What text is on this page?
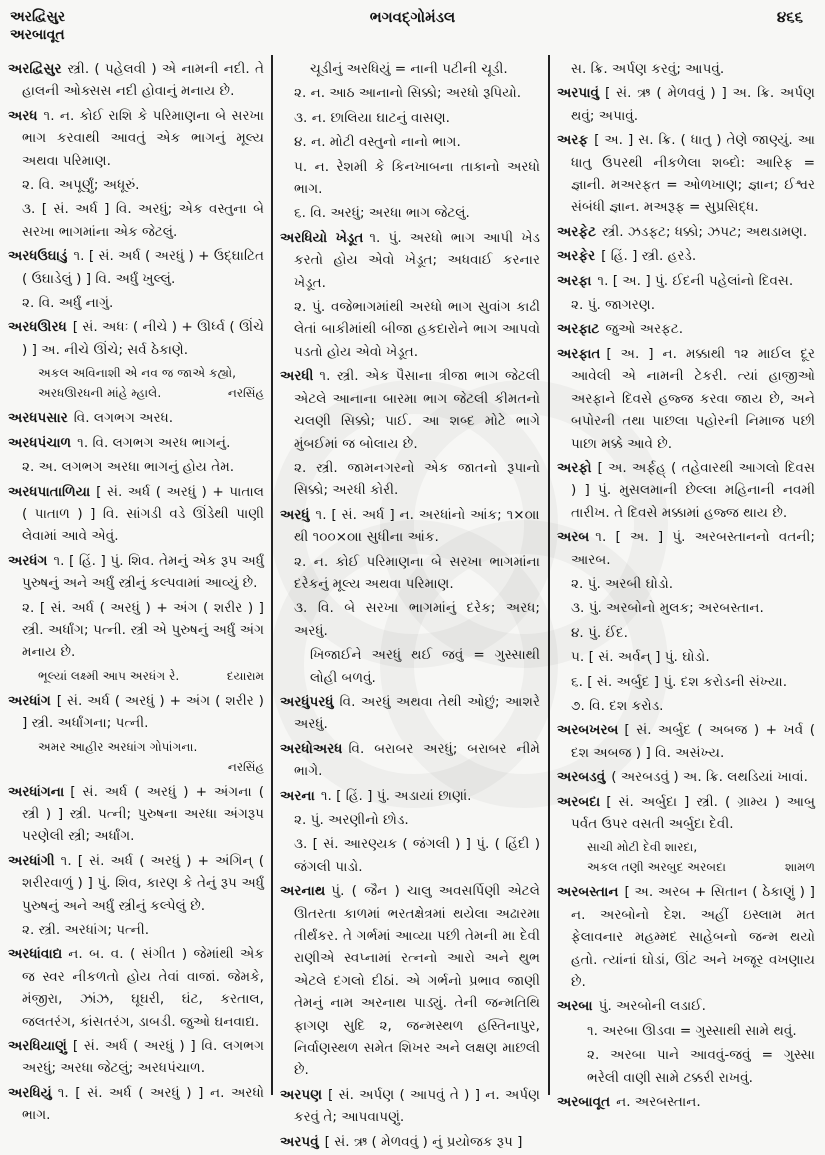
અરદ્વિસુર
અરબાવૂત
ભગવદ્ગોમંડલ	૪૬૬

અરદ્વિસુર સ્ત્રી. ( પહેલવી ) એ નામની નદી. તે હાલની ઓક્સસ નદી હોવાનું મનાય છે.

અરધ ૧. ન. કોઈ રાશિ કે પરિમાણના બે સરખા ભાગ કરવાથી આવતું એક ભાગનું મૂલ્ય અથવા પરિમાણ.

૨. વિ. અપૂર્ણું; અધૂરું.

૩. [ સં. અર્ધ ] વિ. અરધું; એક વસ્તુના બે સરખા ભાગમાંના એક જેટલું.

અરધઉઘાડું ૧. [ સં. અર્ધ ( અરધું ) + ઉદ્ઘાટિત ( ઉઘાડેલું ) ] વિ. અર્ધું ખુલ્લું.

૨. વિ. અર્ધું નાગું.

અરધઊરધ [ સં. અધઃ ( નીચે ) + ઊર્ધ્વ ( ઊંચે ) ] અ. નીચે ઊંચે; સર્વ ઠેકાણે.

અકલ અવિનાશી એ નવ જ જાએ કહ્યો,
નરસિંહ
અરધઊરધની માંહે મ્હાલે.

અરધપસાર વિ. લગભગ અરધ.

અરધપંચાળ ૧. વિ. લગભગ અરધ ભાગનું.

૨. અ. લગભગ અરધા ભાગનું હોય તેમ.

અરધપાતાળિયા [ સં. અર્ધ ( અરધું ) + પાતાલ ( પાતાળ ) ] વિ. સાંગડી વડે ઊંડેથી પાણી લેવામાં આવે એવું.

અરધંગ ૧. [ હિં. ] પું. શિવ. તેમનું એક રૂપ અર્ધું પુરુષનું અને અર્ધું સ્ત્રીનું કલ્પવામાં આવ્યું છે.

૨. [ સં. અર્ધ ( અરધું ) + અંગ ( શરીર ) ] સ્ત્રી. અર્ધાંગ; પત્ની. સ્ત્રી એ પુરુષનું અર્ધું અંગ મનાય છે.

દયારામ
ભૂલ્યાં લક્ષ્મી આપ અરધંગ રે.

અરધાંગ [ સં. અર્ધ ( અરધું ) + અંગ ( શરીર ) ] સ્ત્રી. અર્ધાંગના; પત્ની.

અમર આહીર અરધાંગ ગોપાંગના.
નરસિંહ

અરધાંગના [ સં. અર્ધ ( અરધું ) + અંગના ( સ્ત્રી ) ] સ્ત્રી. પત્ની; પુરુષના અરધા અંગરૂપ પરણેલી સ્ત્રી; અર્ધાંગ.

અરધાંગી ૧. [ સં. અર્ધ ( અરધું ) + અંગિન્ ( શરીરવાળું ) ] પું. શિવ, કારણ કે તેનું રૂપ અર્ધું પુરુષનું અને અર્ધું સ્ત્રીનું કલ્પેલું છે.

૨. સ્ત્રી. અરધાંગ; પત્ની.

અરધાંવાદ્ય ન. બ. વ. ( સંગીત ) જેમાંથી એક જ સ્વર નીકળતો હોય તેવાં વાજાં. જેમકે, મંજીરા, ઝાંઝ, ઘૂઘરી, ઘંટ, કરતાલ, જલતરંગ, કાંસતરંગ, ડાબડી. જુઓ ઘનવાદ્ય.

અરધિયાણું [ સં. અર્ધ ( અરધું ) ] વિ. લગભગ અરધું; અરધા જેટલું; અરધપંચાળ.

અરધિયું ૧. [ સં. અર્ધ ( અરધું ) ] ન. અરધો ભાગ.

ચૂડીનું અરધિયું = નાની પટીની ચૂડી.

૨. ન. આઠ આનાનો સિક્કો; અરધો રૂપિયો.

૩. ન. છાલિયા ઘાટનું વાસણ.

૪. ન. મોટી વસ્તુનો નાનો ભાગ.

૫. ન. રેશમી કે કિનખાબના તાકાનો અરધો ભાગ.

૬. વિ. અરધું; અરધા ભાગ જેટલું.

અરધિયો ખેડૂત ૧. પું. અરધો ભાગ આપી ખેડ કરતો હોય એવો ખેડૂત; અધવાઈ કરનાર ખેડૂત.

૨. પું. વજેભાગમાંથી અરધો ભાગ સુવાંગ કાઢી લેતાં બાકીમાંથી બીજા હકદારોને ભાગ આપવો પડતો હોય એવો ખેડૂત.

અરધી ૧. સ્ત્રી. એક પૈસાના ત્રીજા ભાગ જેટલી એટલે આનાના બારમા ભાગ જેટલી કીમતનો ચલણી સિક્કો; પાઈ. આ શબ્દ મોટે ભાગે મુંબઈમાં જ બોલાય છે.

૨. સ્ત્રી. જામનગરનો એક જાતનો રૂપાનો સિક્કો; અરધી કોરી.

અરધું ૧. [ સં. અર્ધ ] ન. અરધાંનો આંક; ૧×૦॥ થી ૧૦૦×૦॥ સુધીના આંક.

૨. ન. કોઈ પરિમાણના બે સરખા ભાગમાંના દરેકનું મૂલ્ય અથવા પરિમાણ.

૩. વિ. બે સરખા ભાગમાંનું દરેક; અરધ; અરધું.

ખિજાઈને અરધું થઈ જવું = ગુસ્સાથી લોહી બળવું.

અરધુંપરધું વિ. અરધું અથવા તેથી ઓછું; આશરે અરધું.

અરધોઅરધ વિ. બરાબર અરધું; બરાબર નીમે ભાગે.

અરના ૧. [ હિં. ] પું. અડાયાં છાણાં.

૨. પું. અરણીનો છોડ.

૩. [ સં. આરણ્યક ( જંગલી ) ] પું. ( હિંદી ) જંગલી પાડો.

અરનાથ પું. ( જૈન ) ચાલુ અવસર્પિણી એટલે ઊતરતા કાળમાં ભરતક્ષેત્રમાં થયેલા અઢારમા તીર્થંકર. તે ગર્ભમાં આવ્યા પછી તેમની મા દેવી રાણીએ સ્વપ્નામાં રત્નનો આરો અને થુભ એટલે દગલો દીઠાં. એ ગર્ભનો પ્રભાવ જાણી તેમનું નામ અરનાથ પાડ્યું. તેની જન્મતિથિ ફાગણ સુદિ ૨, જન્મસ્થળ હસ્તિનાપુર, નિર્વાણસ્થળ સમેત શિખર અને લક્ષણ માછલી છે.

અરપણ [ સં. અર્પણ ( આપવું તે ) ] ન. અર્પણ કરવું તે; આપવાપણું.

અરપવું [ સં. ઋ ( મેળવવું ) નું પ્રયોજક રૂપ ]

સ. ક્રિ. અર્પણ કરવું; આપવું.

અરપાવું [ સં. ઋ ( મેળવવું ) ] અ. ક્રિ. અર્પણ થવું; અપાવું.

અરફ [ અ. ] સ. ક્રિ. ( ધાતુ ) તેણે જાણ્યું. આ ધાતુ ઉપરથી નીકળેલા શબ્દો: આરિફ = જ્ઞાની. મઅરફત = ઓળખાણ; જ્ઞાન; ઈશ્વર સંબંધી જ્ઞાન. મઅરૂફ = સુપ્રસિદ્ધ.

અરફેટ સ્ત્રી. ઝડફટ; ધક્કો; ઝપટ; અથડામણ.

અરફેર [ હિં. ] સ્ત્રી. હરડે.

અરફા ૧. [ અ. ] પું. ઈદની પહેલાંનો દિવસ.

૨. પું. જાગરણ.

અરફાટ જુઓ અરફટ.

અરફાત [ અ. ] ન. મક્કાથી ૧૨ માઈલ દૂર આવેલી એ નામની ટેકરી. ત્યાં હાજીઓ અરફાને દિવસે હજ્જ કરવા જાય છે, અને બપોરની તથા પાછલા પહોરની નિમાજ પછી પાછા મક્કે આવે છે.

અરફો [ અ. અર્ફહ્ ( તહેવારથી આગલો દિવસ ) ] પું. મુસલમાની છેલ્લા મહિનાની નવમી તારીખ. તે દિવસે મક્કામાં હજ્જ થાય છે.

અરબ ૧. [ અ. ] પું. અરબસ્તાનનો વતની; આરબ.

૨. પું. અરબી ઘોડો.

૩. પું. અરબોનો મુલક; અરબસ્તાન.

૪. પું. ઈંદ.

૫. [ સં. અર્વન્ ] પું. ઘોડો.

૬. [ સં. અર્બુદ ] પું. દશ કરોડની સંખ્યા.

૭. વિ. દશ કરોડ.

અરબખરબ [ સં. અર્બુદ ( અબજ ) + ખર્વ ( દશ અબજ ) ] વિ. અસંખ્ય.

અરબડવું ( અરબડવું ) અ. ક્રિ. લથડિયાં ખાવાં.

અરબદા [ સં. અર્બુદા ] સ્ત્રી. ( ગ્રામ્ય ) આબુ પર્વત ઉપર વસતી અર્બુદા દેવી.

સાચી મોટી દેવી શારદા,
શામળ
અકલ તણી અરબુદ અરબદા

અરબસ્તાન [ અ. અરબ + સિતાન ( ઠેકાણું ) ] ન. અરબોનો દેશ. અહીં ઇસ્લામ મત ફેલાવનાર મહમ્મદ સાહેબનો જન્મ થયો હતો. ત્યાંનાં ઘોડાં, ઊંટ અને ખજૂર વખણાય છે.

અરબા પું. અરબોની લડાઈ.

૧. અરબા ઊડવા = ગુસ્સાથી સામે થવું.

૨. અરબા પાને આવવું-જવું = ગુસ્સા ભરેલી વાણી સામે ટક્કરી રાખવું.

અરબાવૂત ન. અરબસ્તાન.
